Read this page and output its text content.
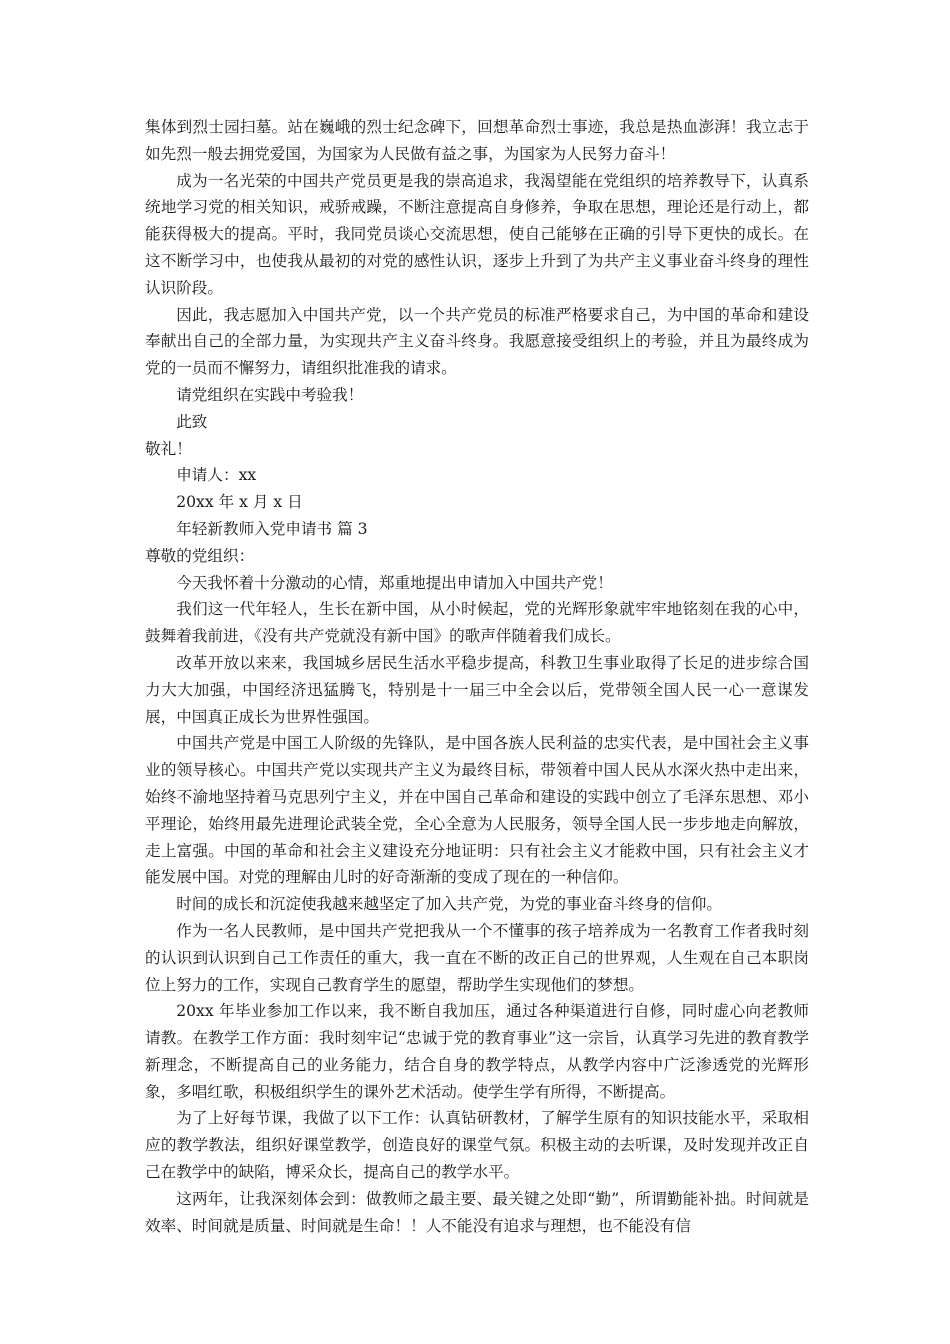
集体到烈士园扫墓。站在巍峨的烈士纪念碑下，回想革命烈士事迹，我总是热血澎湃！我立志于如先烈一般去拥党爱国，为国家为人民做有益之事，为国家为人民努力奋斗！

成为一名光荣的中国共产党员更是我的崇高追求，我渴望能在党组织的培养教导下，认真系统地学习党的相关知识，戒骄戒躁，不断注意提高自身修养，争取在思想，理论还是行动上，都能获得极大的提高。平时，我同党员谈心交流思想，使自己能够在正确的引导下更快的成长。在这不断学习中，也使我从最初的对党的感性认识，逐步上升到了为共产主义事业奋斗终身的理性认识阶段。

因此，我志愿加入中国共产党，以一个共产党员的标准严格要求自己，为中国的革命和建设奉献出自己的全部力量，为实现共产主义奋斗终身。我愿意接受组织上的考验，并且为最终成为党的一员而不懈努力，请组织批准我的请求。

请党组织在实践中考验我！

此致

敬礼！

申请人：xx

20xx 年 x 月 x 日

年轻新教师入党申请书 篇 3

尊敬的党组织：

今天我怀着十分激动的心情，郑重地提出申请加入中国共产党！

我们这一代年轻人，生长在新中国，从小时候起，党的光辉形象就牢牢地铭刻在我的心中，鼓舞着我前进，《没有共产党就没有新中国》的歌声伴随着我们成长。

改革开放以来来，我国城乡居民生活水平稳步提高，科教卫生事业取得了长足的进步综合国力大大加强，中国经济迅猛腾飞，特别是十一届三中全会以后，党带领全国人民一心一意谋发展，中国真正成长为世界性强国。

中国共产党是中国工人阶级的先锋队，是中国各族人民利益的忠实代表，是中国社会主义事业的领导核心。中国共产党以实现共产主义为最终目标，带领着中国人民从水深火热中走出来，始终不渝地坚持着马克思列宁主义，并在中国自己革命和建设的实践中创立了毛泽东思想、邓小平理论，始终用最先进理论武装全党，全心全意为人民服务，领导全国人民一步步地走向解放，走上富强。中国的革命和社会主义建设充分地证明：只有社会主义才能救中国，只有社会主义才能发展中国。对党的理解由儿时的好奇渐渐的变成了现在的一种信仰。

时间的成长和沉淀使我越来越坚定了加入共产党，为党的事业奋斗终身的信仰。

作为一名人民教师，是中国共产党把我从一个不懂事的孩子培养成为一名教育工作者我时刻的认识到认识到自己工作责任的重大，我一直在不断的改正自己的世界观，人生观在自己本职岗位上努力的工作，实现自己教育学生的愿望，帮助学生实现他们的梦想。

20xx 年毕业参加工作以来，我不断自我加压，通过各种渠道进行自修，同时虚心向老教师请教。在教学工作方面：我时刻牢记“忠诚于党的教育事业”这一宗旨，认真学习先进的教育教学新理念，不断提高自己的业务能力，结合自身的教学特点，从教学内容中广泛渗透党的光辉形象，多唱红歌，积极组织学生的课外艺术活动。使学生学有所得，不断提高。

为了上好每节课，我做了以下工作：认真钻研教材，了解学生原有的知识技能水平，采取相应的教学教法，组织好课堂教学，创造良好的课堂气氛。积极主动的去听课，及时发现并改正自己在教学中的缺陷，博采众长，提高自己的教学水平。

这两年，让我深刻体会到：做教师之最主要、最关键之处即“勤”，所谓勤能补拙。时间就是效率、时间就是质量、时间就是生命！！人不能没有追求与理想，也不能没有信
